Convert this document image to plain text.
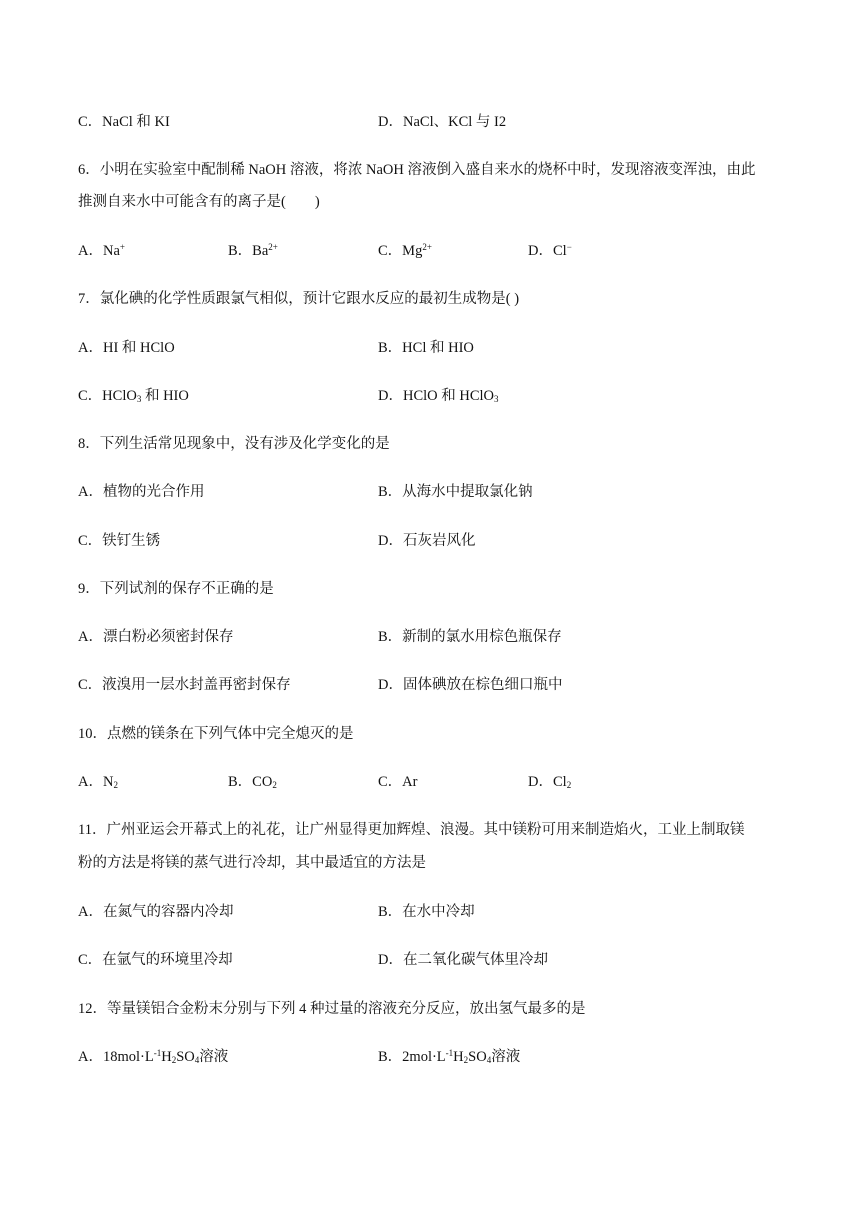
C．NaCl 和 KI	D．NaCl、KCl 与 I2
6．小明在实验室中配制稀 NaOH 溶液，将浓 NaOH 溶液倒入盛自来水的烧杯中时，发现溶液变浑浊，由此
推测自来水中可能含有的离子是(　　)
A．Na+	B．$Ba^{2+}$	C．$Mg^{2+}$	D．Cl−
7．氯化碘的化学性质跟氯气相似，预计它跟水反应的最初生成物是( )
A．HI 和 HClO	B．HCl 和 HIO
C．HClO$_3$ 和 HIO	D．HClO 和 HClO$_3$
8．下列生活常见现象中，没有涉及化学变化的是
A．植物的光合作用	B．从海水中提取氯化钠
C．铁钉生锈	D．石灰岩风化
9．下列试剂的保存不正确的是
A．漂白粉必须密封保存	B．新制的氯水用棕色瓶保存
C．液溴用一层水封盖再密封保存	D．固体碘放在棕色细口瓶中
10．点燃的镁条在下列气体中完全熄灭的是
A．$N_2$	B．$CO_2$	C．Ar	D．$Cl_2$
11．广州亚运会开幕式上的礼花，让广州显得更加辉煌、浪漫。其中镁粉可用来制造焰火，工业上制取镁
粉的方法是将镁的蒸气进行冷却，其中最适宜的方法是
A．在氮气的容器内冷却	B．在水中冷却
C．在氩气的环境里冷却	D．在二氧化碳气体里冷却
12．等量镁铝合金粉末分别与下列 4 种过量的溶液充分反应，放出氢气最多的是
A．$18mol\cdot L^{-1}H_2SO_4$溶液	B．$2mol\cdot L^{-1}H_2SO_4$溶液
